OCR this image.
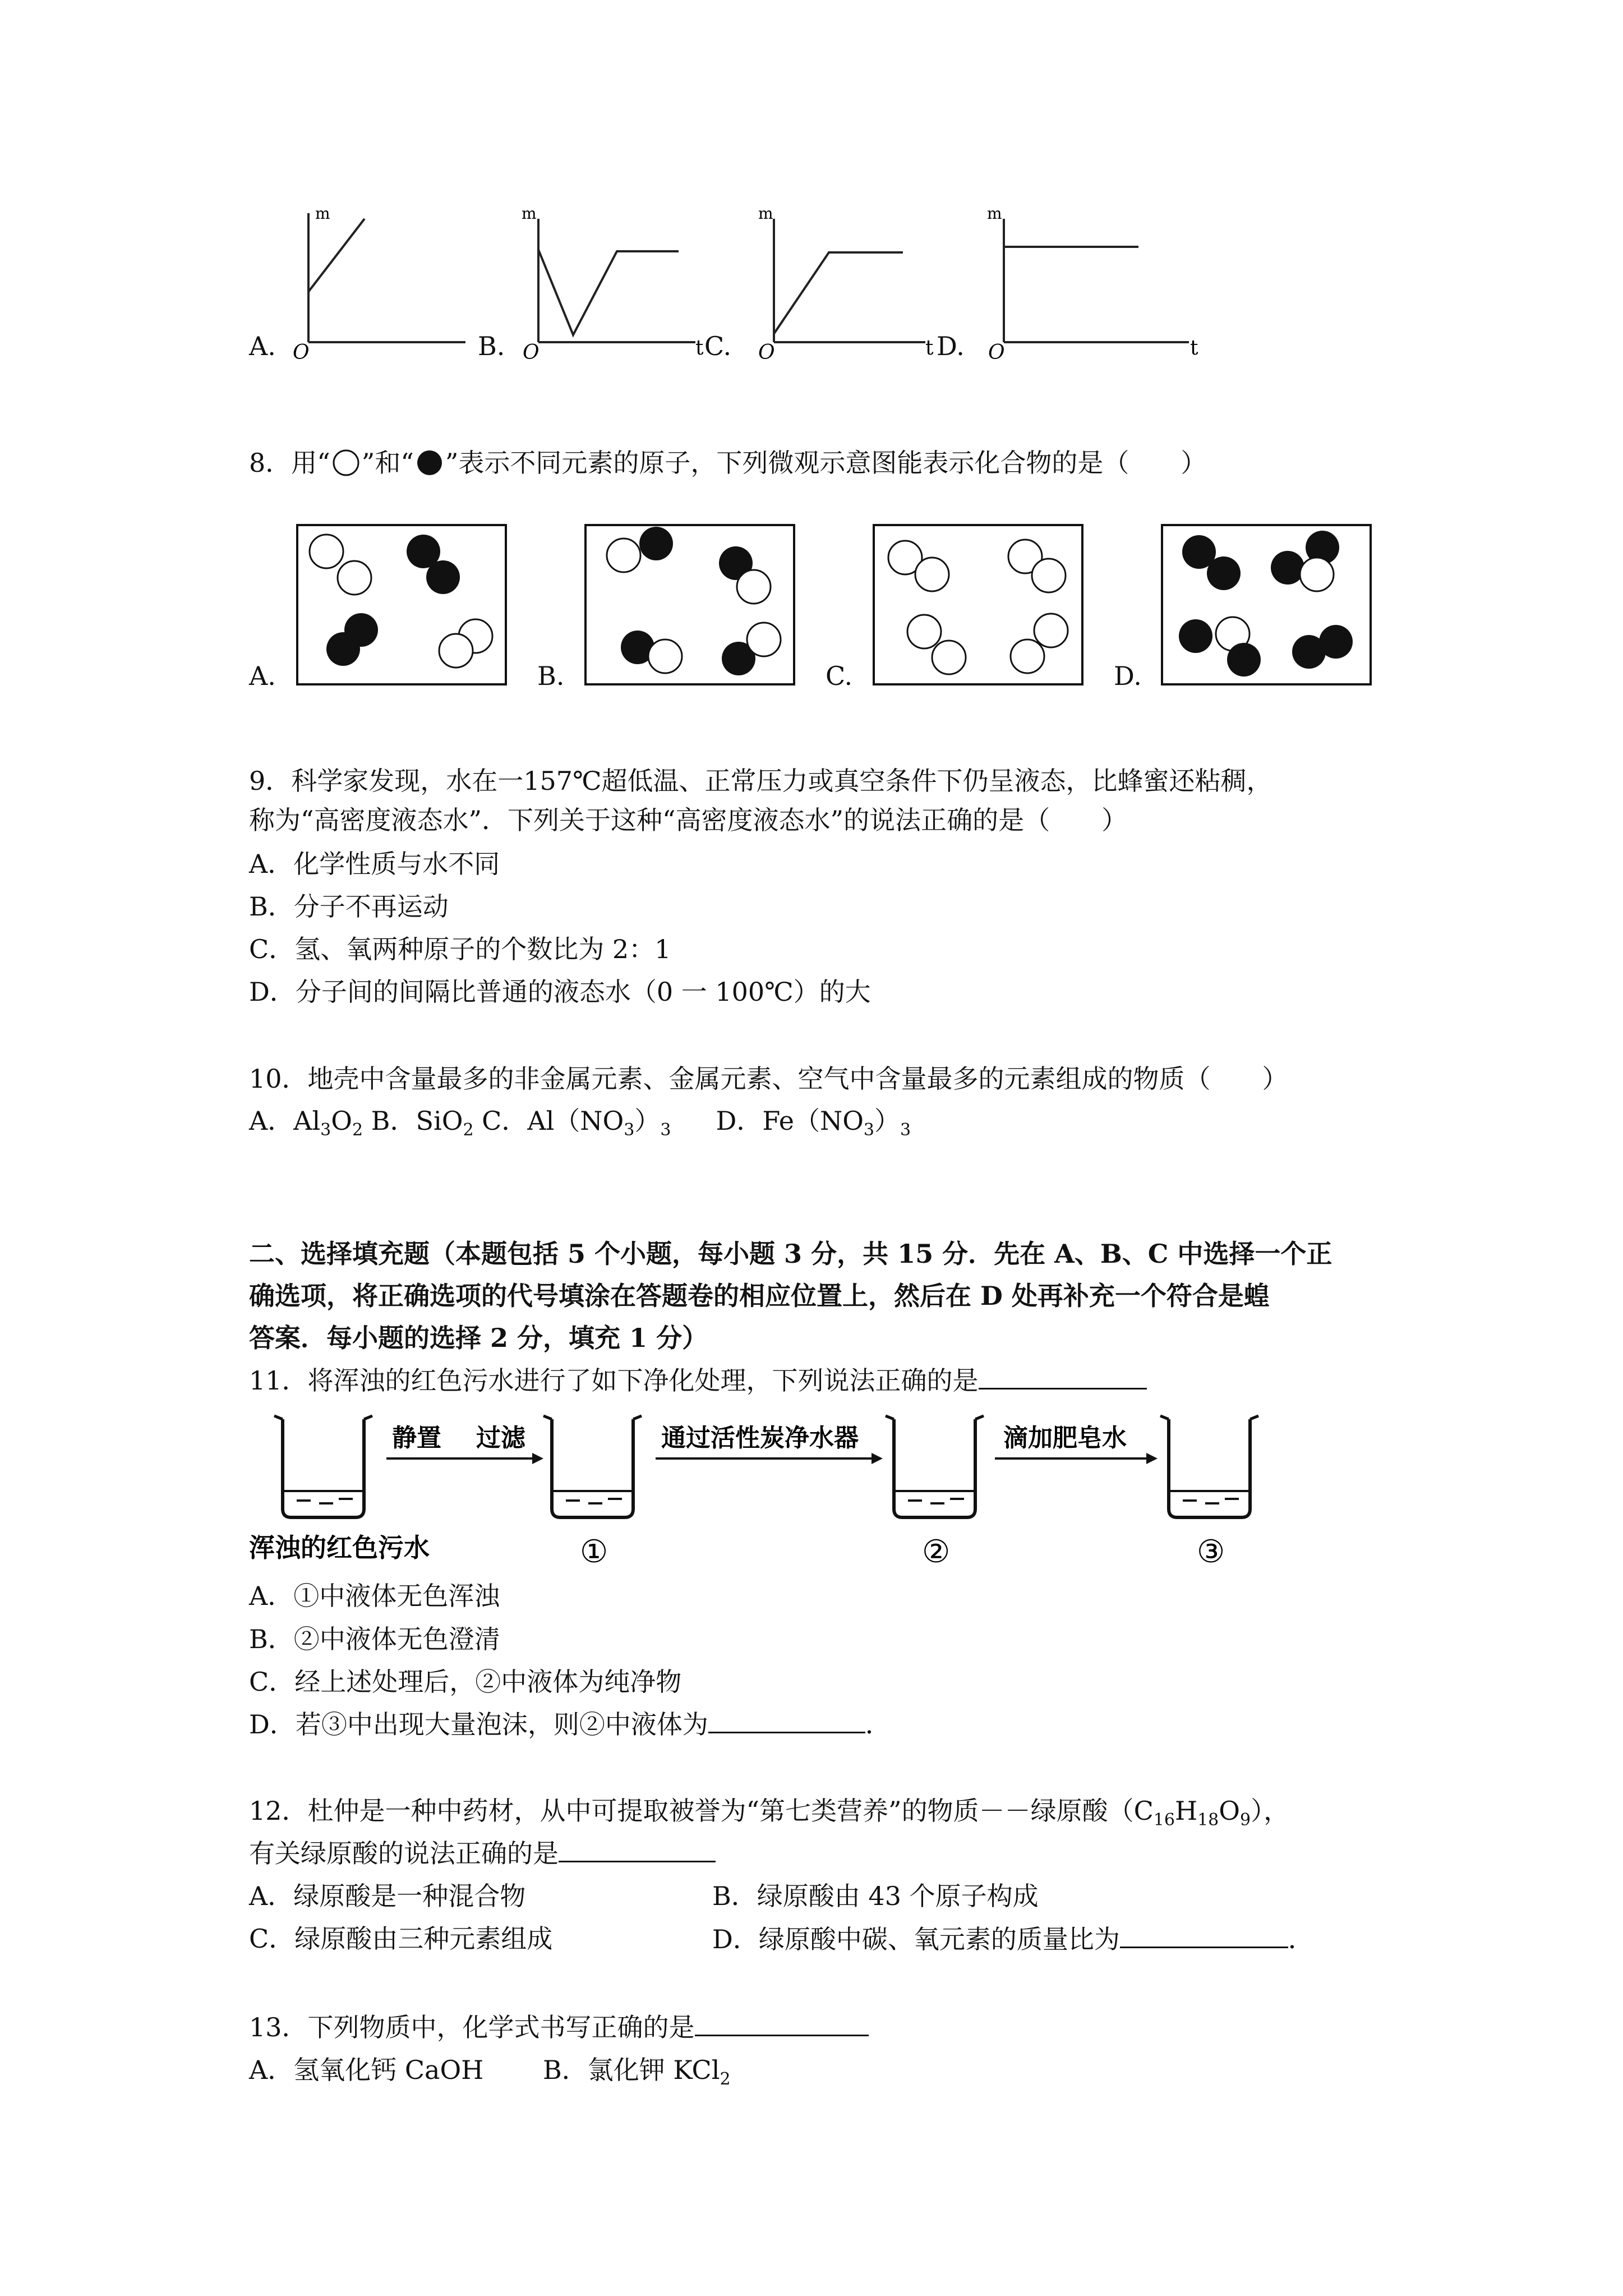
A. O
m
B. O
m
t C. O
m
t D. O
m
t
8．用“ ”和“ ”表示不同元素的原子，下列微观示意图能表示化合物的是（　　）
A.	B.	C.	D.
9．科学家发现，水在一157℃超低温、正常压力或真空条件下仍呈液态，比蜂蜜还粘稠，
称为“高密度液态水”．下列关于这种“高密度液态水”的说法正确的是（　　）
A．化学性质与水不同
B．分子不再运动
C．氢、氧两种原子的个数比为 2：1
D．分子间的间隔比普通的液态水（0 一 100℃）的大
10．地壳中含量最多的非金属元素、金属元素、空气中含量最多的元素组成的物质（　　）
A．$Al_3O_2$ B．SiO$_2$ C．$Al(NO_3)_3$ D．$Fe(NO_3)_3$
二、选择填充题（本题包括 5 个小题，每小题 3 分，共 15 分．先在 A、B、C 中选择一个正
确选项，将正确选项的代号填涂在答题卷的相应位置上，然后在 D 处再补充一个符合是蝗
答案．每小题的选择 2 分，填充 1 分）
11．将浑浊的红色污水进行了如下净化处理，下列说法正确的是
浑浊的红色污水
静置 过滤
①
通过活性炭净水器
②
滴加肥皂水
③
A．①中液体无色浑浊
B．②中液体无色澄清
C．经上述处理后，②中液体为纯净物
D．若③中出现大量泡沫，则②中液体为	．
12．杜仲是一种中药材，从中可提取被誉为“第七类营养”的物质－－绿原酸$(C_{16}H_{18}O_9)$，
有关绿原酸的说法正确的是
A．绿原酸是一种混合物	B．绿原酸由 43 个原子构成
C．绿原酸由三种元素组成	D．绿原酸中碳、氧元素的质量比为	．
13．下列物质中，化学式书写正确的是
A．氢氧化钙 CaOH B．氯化钾 KCl$_2$
